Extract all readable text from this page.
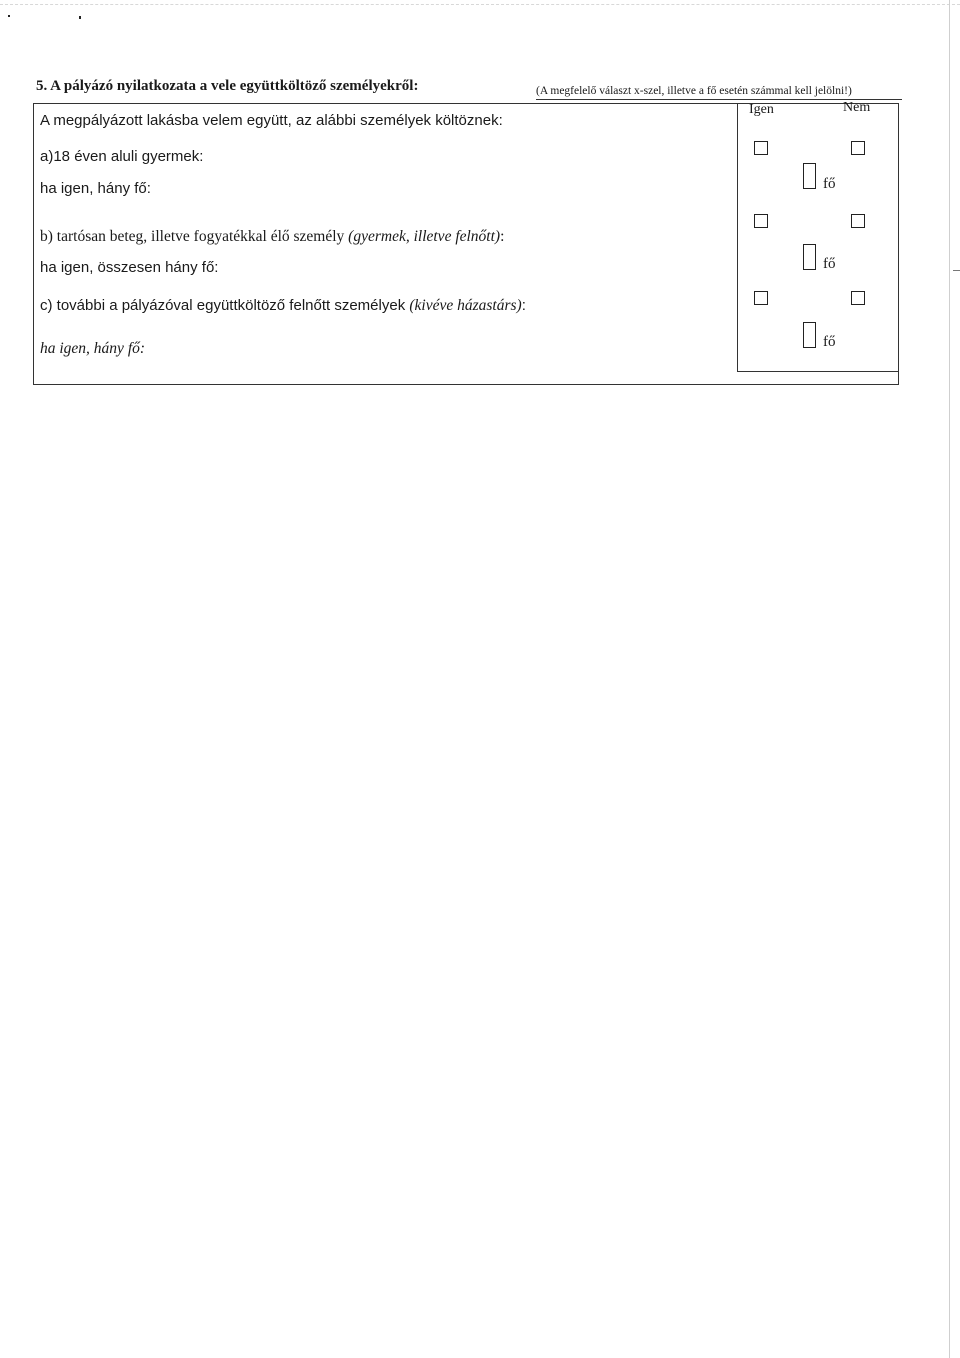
5. A pályázó nyilatkozata a vele együttköltöző személyekről:	(A megfelelő választ x-szel, illetve a fő esetén számmal kell jelölni!)
Igen	Nem
A megpályázott lakásba velem együtt, az alábbi személyek költöznek:
a)18 éven aluli gyermek:
ha igen, hány fő:	fő
b) tartósan beteg, illetve fogyatékkal élő személy (gyermek, illetve felnőtt):
ha igen, összesen hány fő:	fő
c) további a pályázóval együttköltöző felnőtt személyek (kivéve házastárs):
ha igen, hány fő:	fő
